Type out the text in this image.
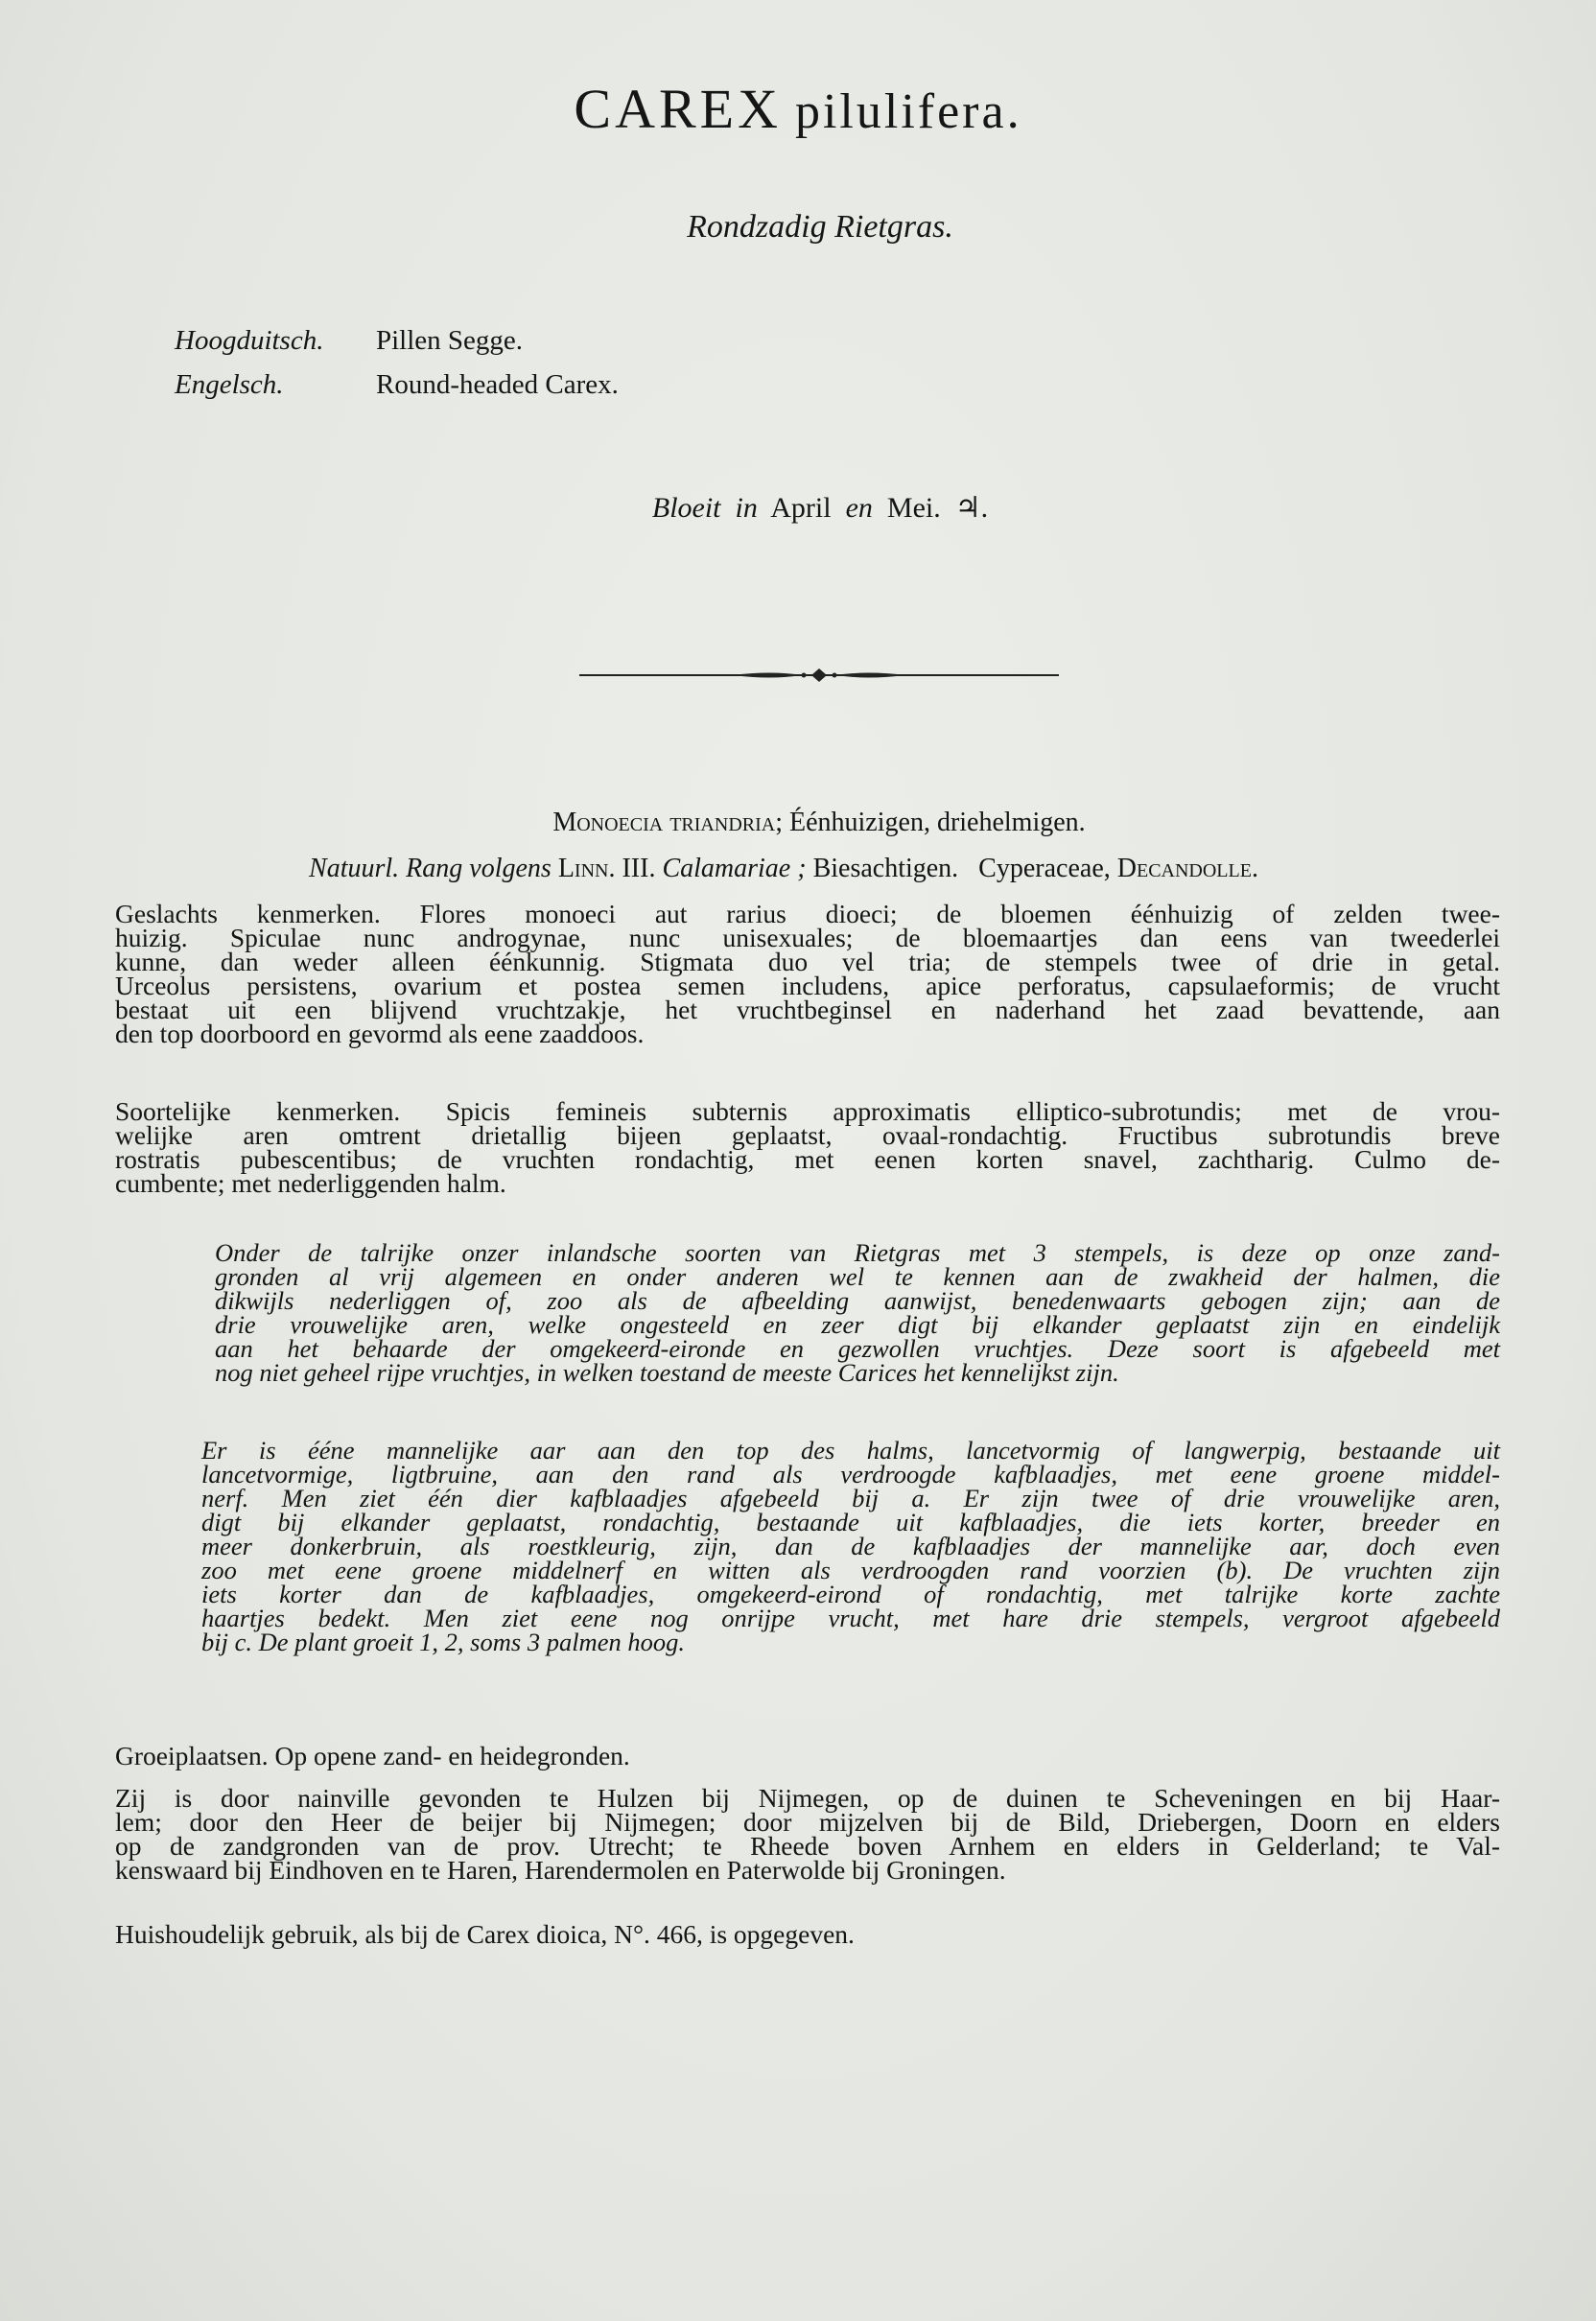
CAREX pilulifera.
Rondzadig Rietgras.
Hoogduitsch. Pillen Segge.
Engelsch.	Round-headed Carex.
Bloeit in April en Mei. ♃.
Monoecia triandria; Éénhuizigen, driehelmigen.
Natuurl. Rang volgens Linn. III. Calamariae ; Biesachtigen.   Cyperaceae, Decandolle.
Geslachts kenmerken. Flores monoeci aut rarius dioeci; de bloemen éénhuizig of zelden twee-
huizig. Spiculae nunc androgynae, nunc unisexuales; de bloemaartjes dan eens van tweederlei
kunne, dan weder alleen éénkunnig. Stigmata duo vel tria; de stempels twee of drie in getal.
Urceolus persistens, ovarium et postea semen includens, apice perforatus, capsulaeformis; de vrucht
bestaat uit een blijvend vruchtzakje, het vruchtbeginsel en naderhand het zaad bevattende, aan
den top doorboord en gevormd als eene zaaddoos.
Soortelijke kenmerken. Spicis femineis subternis approximatis elliptico-subrotundis; met de vrou-
welijke aren omtrent drietallig bijeen geplaatst, ovaal-rondachtig. Fructibus subrotundis breve
rostratis pubescentibus; de vruchten rondachtig, met eenen korten snavel, zachtharig. Culmo de-
cumbente; met nederliggenden halm.
Onder de talrijke onzer inlandsche soorten van Rietgras met 3 stempels, is deze op onze zand-
gronden al vrij algemeen en onder anderen wel te kennen aan de zwakheid der halmen, die
dikwijls nederliggen of, zoo als de afbeelding aanwijst, benedenwaarts gebogen zijn; aan de
drie vrouwelijke aren, welke ongesteeld en zeer digt bij elkander geplaatst zijn en eindelijk
aan het behaarde der omgekeerd-eironde en gezwollen vruchtjes. Deze soort is afgebeeld met
nog niet geheel rijpe vruchtjes, in welken toestand de meeste Carices het kennelijkst zijn.
Er is ééne mannelijke aar aan den top des halms, lancetvormig of langwerpig, bestaande uit
lancetvormige, ligtbruine, aan den rand als verdroogde kafblaadjes, met eene groene middel-
nerf. Men ziet één dier kafblaadjes afgebeeld bij a. Er zijn twee of drie vrouwelijke aren,
digt bij elkander geplaatst, rondachtig, bestaande uit kafblaadjes, die iets korter, breeder en
meer donkerbruin, als roestkleurig, zijn, dan de kafblaadjes der mannelijke aar, doch even
zoo met eene groene middelnerf en witten als verdroogden rand voorzien (b). De vruchten zijn
iets korter dan de kafblaadjes, omgekeerd-eirond of rondachtig, met talrijke korte zachte
haartjes bedekt. Men ziet eene nog onrijpe vrucht, met hare drie stempels, vergroot afgebeeld
bij c. De plant groeit 1, 2, soms 3 palmen hoog.
Groeiplaatsen. Op opene zand- en heidegronden.
Zij is door nainville gevonden te Hulzen bij Nijmegen, op de duinen te Scheveningen en bij Haar-
lem; door den Heer de beijer bij Nijmegen; door mijzelven bij de Bild, Driebergen, Doorn en elders
op de zandgronden van de prov. Utrecht; te Rheede boven Arnhem en elders in Gelderland; te Val-
kenswaard bij Eindhoven en te Haren, Harendermolen en Paterwolde bij Groningen.
Huishoudelijk gebruik, als bij de Carex dioica, N°. 466, is opgegeven.
